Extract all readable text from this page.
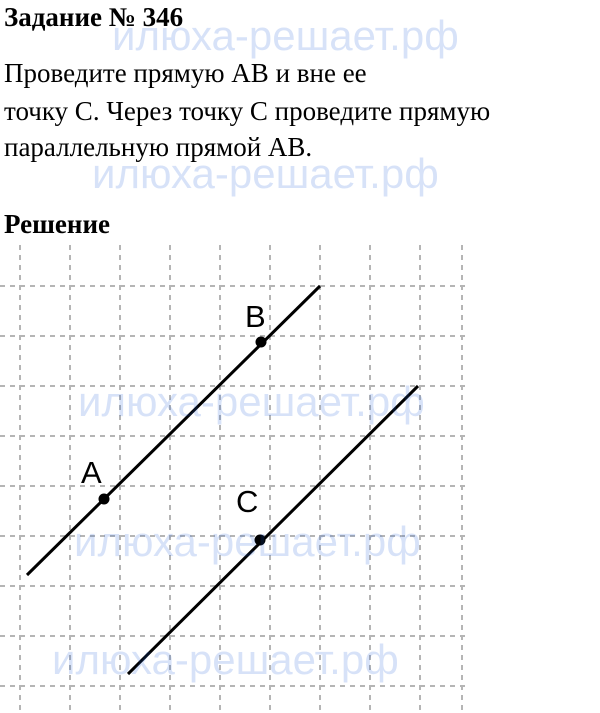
Задание № 346
Проведите прямую AB и вне ее
точку C. Через точку C проведите прямую
параллельную прямой AB.
Решение
A
B
C
илюха-решает.рф
илюха-решает.рф
илюха-решает.рф
илюха-решает.рф
илюха-решает.рф
